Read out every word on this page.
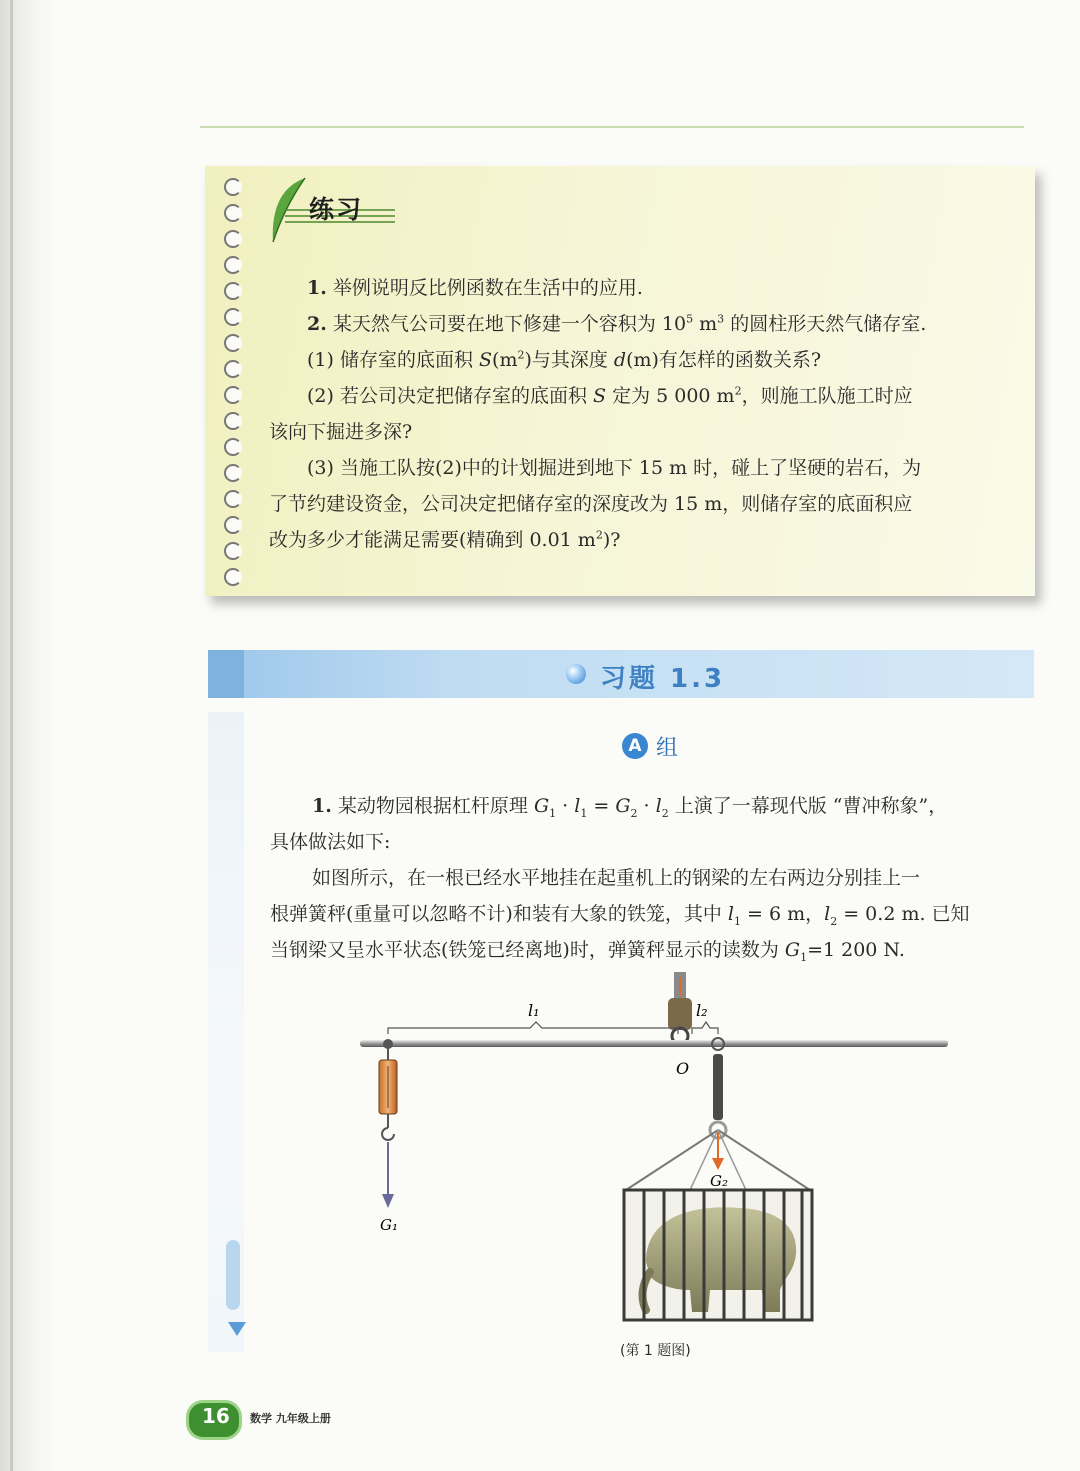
练习
1. 举例说明反比例函数在生活中的应用.
2. 某天然气公司要在地下修建一个容积为 $10^5$ $m^3$ 的圆柱形天然气储存室.
(1) 储存室的底面积 $S(m^2)$与其深度 d(m)有怎样的函数关系?
(2) 若公司决定把储存室的底面积 S 定为 5 000 $m^2$，则施工队施工时应
该向下掘进多深?
(3) 当施工队按(2)中的计划掘进到地下 15 m 时，碰上了坚硬的岩石，为
了节约建设资金，公司决定把储存室的深度改为 15 m，则储存室的底面积应
改为多少才能满足需要(精确到 0.01 $m^2$)?
习题 1.3
A 组
1. 某动物园根据杠杆原理 $G_1 \cdot l_1 = G_2 \cdot l_2$ 上演了一幕现代版 “曹冲称象”，
具体做法如下:
如图所示，在一根已经水平地挂在起重机上的钢梁的左右两边分别挂上一
根弹簧秤(重量可以忽略不计)和装有大象的铁笼，其中 $l_1 = 6$ m，$l_2 = 0.2$ m. 已知
当钢梁又呈水平状态(铁笼已经离地)时，弹簧秤显示的读数为 $G_1=1$ 200 N.
l₁	l₂
O
G₁
G₂
(第 1 题图)
16 数学 九年级上册
